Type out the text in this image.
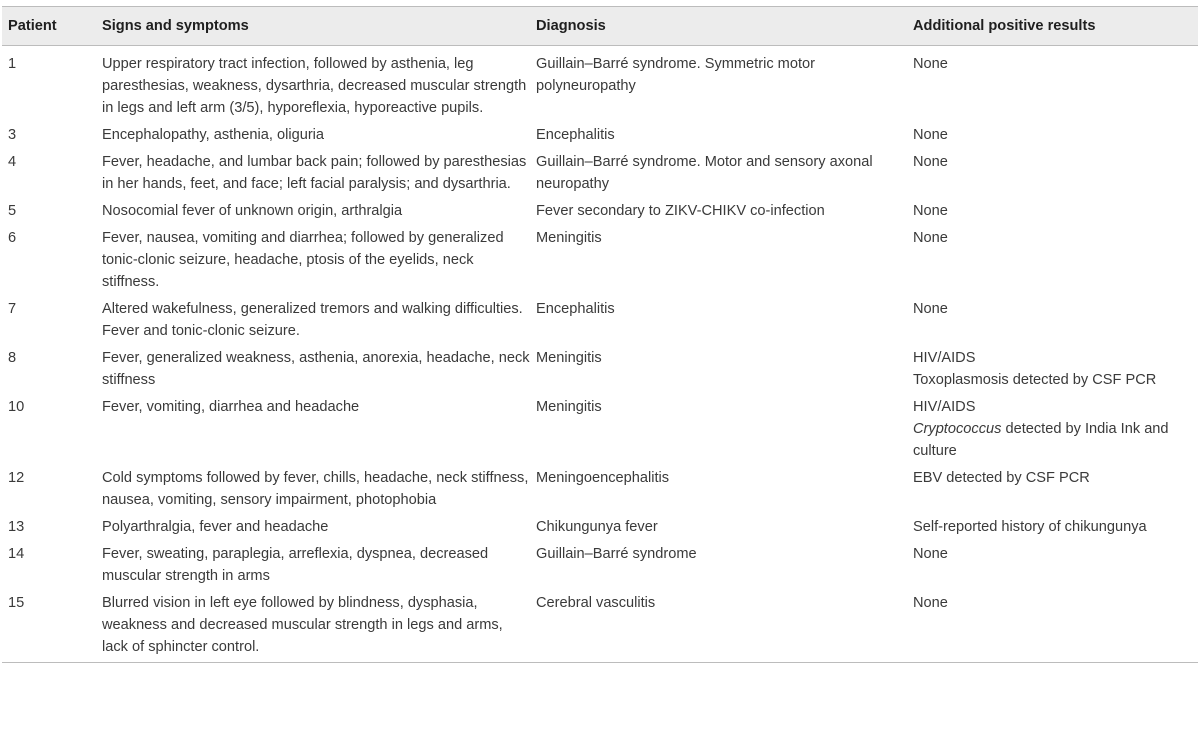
Patient	Signs and symptoms	Diagnosis	Additional positive results
1	Upper respiratory tract infection, followed by asthenia, leg paresthesias, weakness, dysarthria, decreased muscular strength in legs and left arm (3/5), hyporeflexia, hyporeactive pupils.	Guillain–Barré syndrome. Symmetric motor polyneuropathy	None

3	Encephalopathy, asthenia, oliguria	Encephalitis	None

4	Fever, headache, and lumbar back pain; followed by paresthesias in her hands, feet, and face; left facial paralysis; and dysarthria.	Guillain–Barré syndrome. Motor and sensory axonal neuropathy	None

5	Nosocomial fever of unknown origin, arthralgia	Fever secondary to ZIKV-CHIKV co-infection	None

6	Fever, nausea, vomiting and diarrhea; followed by generalized tonic-clonic seizure, headache, ptosis of the eyelids, neck stiffness.	Meningitis	None

7	Altered wakefulness, generalized tremors and walking difficulties. Fever and tonic-clonic seizure.	Encephalitis	None

8	Fever, generalized weakness, asthenia, anorexia, headache, neck stiffness	Meningitis	HIV/AIDS
Toxoplasmosis detected by CSF PCR

10	Fever, vomiting, diarrhea and headache	Meningitis	HIV/AIDS
Cryptococcus detected by India Ink and culture

12	Cold symptoms followed by fever, chills, headache, neck stiffness, nausea, vomiting, sensory impairment, photophobia	Meningoencephalitis	EBV detected by CSF PCR

13	Polyarthralgia, fever and headache	Chikungunya fever	Self-reported history of chikungunya

14	Fever, sweating, paraplegia, arreflexia, dyspnea, decreased muscular strength in arms	Guillain–Barré syndrome	None

15	Blurred vision in left eye followed by blindness, dysphasia, weakness and decreased muscular strength in legs and arms, lack of sphincter control.	Cerebral vasculitis	None
